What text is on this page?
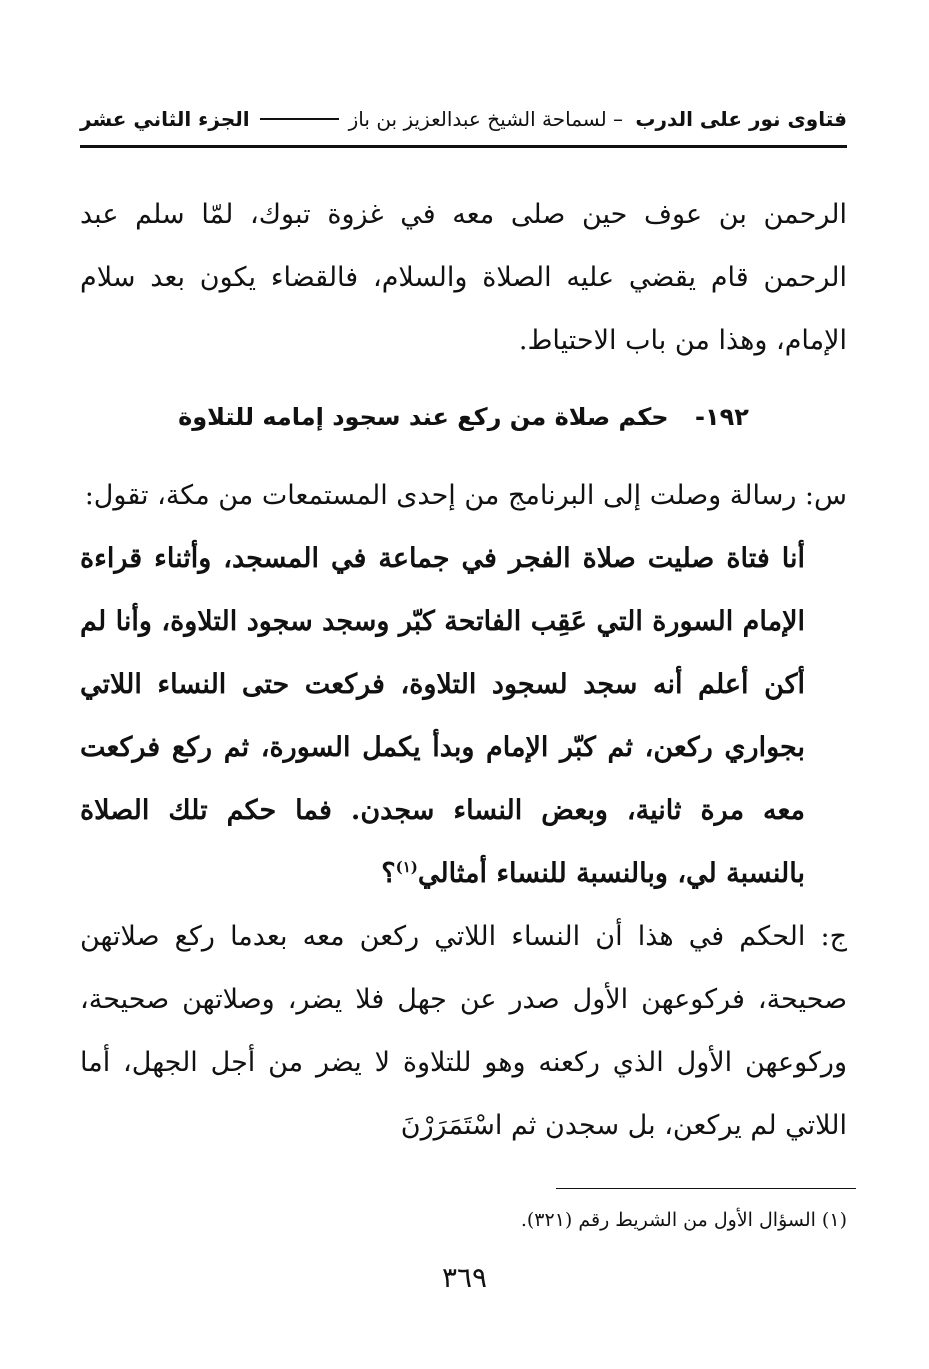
فتاوى نور على الدرب – لسماحة الشيخ عبدالعزيز بن باز
الجزء الثاني عشر
الرحمن بن عوف حين صلى معه في غزوة تبوك، لمّا سلم عبد الرحمن قام يقضي عليه الصلاة والسلام، فالقضاء يكون بعد سلام الإمام، وهذا من باب الاحتياط.
١٩٢- حكم صلاة من ركع عند سجود إمامه للتلاوة
س: رسالة وصلت إلى البرنامج من إحدى المستمعات من مكة، تقول:
أنا فتاة صليت صلاة الفجر في جماعة في المسجد، وأثناء قراءة الإمام السورة التي عَقِب الفاتحة كبّر وسجد سجود التلاوة، وأنا لم أكن أعلم أنه سجد لسجود التلاوة، فركعت حتى النساء اللاتي بجواري ركعن، ثم كبّر الإمام وبدأ يكمل السورة، ثم ركع فركعت معه مرة ثانية، وبعض النساء سجدن. فما حكم تلك الصلاة بالنسبة لي، وبالنسبة للنساء أمثالي$^{(١)}$؟
ج: الحكم في هذا أن النساء اللاتي ركعن معه بعدما ركع صلاتهن صحيحة، فركوعهن الأول صدر عن جهل فلا يضر، وصلاتهن صحيحة، وركوعهن الأول الذي ركعنه وهو للتلاوة لا يضر من أجل الجهل، أما اللاتي لم يركعن، بل سجدن ثم اسْتَمَرَرْنَ
(١) السؤال الأول من الشريط رقم (٣٢١).
٣٦٩
